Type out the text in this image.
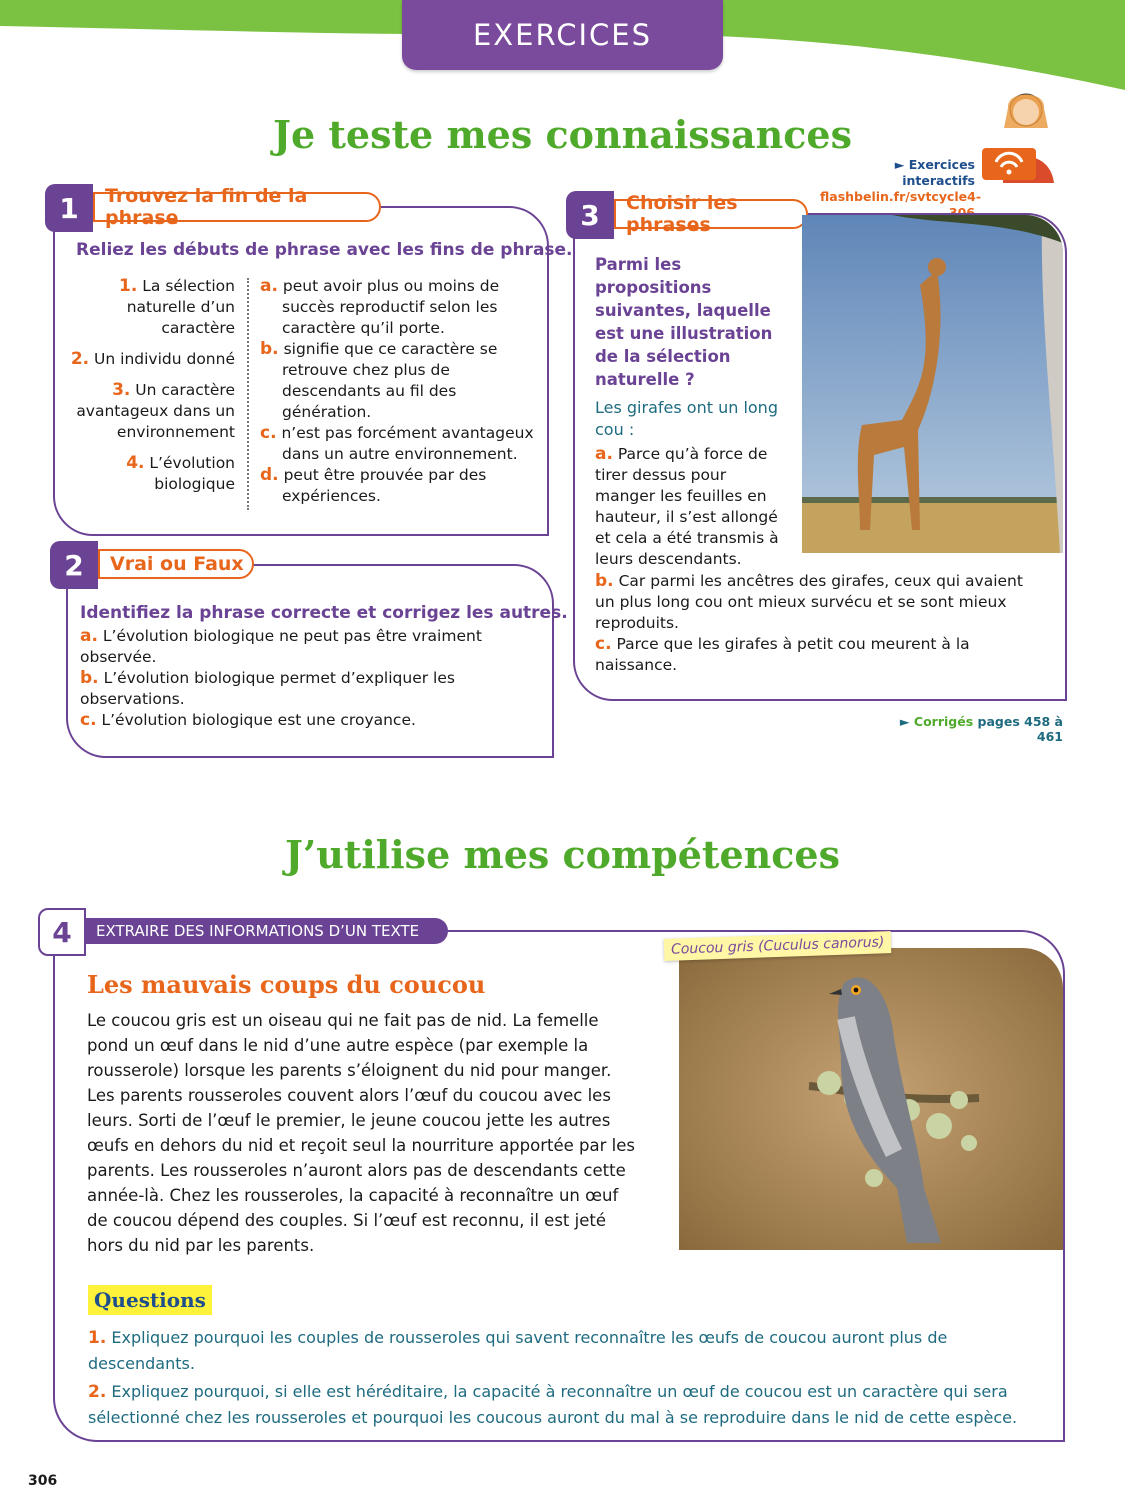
EXERCICES
Je teste mes connaissances
► Exercices interactifs
flashbelin.fr/svtcycle4-
1	Trouvez la fin de la phrase
Reliez les débuts de phrase avec les fins de phrase.
1. La sélection naturelle d’un caractère
2. Un individu donné
3. Un caractère avantageux dans un environnement
4. L’évolution biologique
a. peut avoir plus ou moins de succès reproductif selon les caractère qu’il porte.
b. signifie que ce caractère se retrouve chez plus de descendants au fil des génération.
c. n’est pas forcément avantageux dans un autre environnement.
d. peut être prouvée par des expériences.
2	Vrai ou Faux
Identifiez la phrase correcte et corrigez les autres.
a. L’évolution biologique ne peut pas être vraiment observée.
b. L’évolution biologique permet d’expliquer les observations.
c. L’évolution biologique est une croyance.
3	Choisir les phrases
Parmi les propositions suivantes, laquelle est une illustration de la sélection naturelle ?
Les girafes ont un long cou :
a. Parce qu’à force de tirer dessus pour manger les feuilles en hauteur, il s’est allongé et cela a été transmis à leurs descendants.
b. Car parmi les ancêtres des girafes, ceux qui avaient un plus long cou ont mieux survécu et se sont mieux reproduits.
c. Parce que les girafes à petit cou meurent à la naissance.
► Corrigés pages 458 à 461
J’utilise mes compétences
4	EXTRAIRE DES INFORMATIONS D’UN TEXTE
Les mauvais coups du coucou
Le coucou gris est un oiseau qui ne fait pas de nid. La femelle pond un œuf dans le nid d’une autre espèce (par exemple la rousserole) lorsque les parents s’éloignent du nid pour manger. Les parents rousseroles couvent alors l’œuf du coucou avec les leurs. Sorti de l’œuf le premier, le jeune coucou jette les autres œufs en dehors du nid et reçoit seul la nourriture apportée par les parents. Les rousseroles n’auront alors pas de descendants cette année-là. Chez les rousseroles, la capacité à reconnaître un œuf de coucou dépend des couples. Si l’œuf est reconnu, il est jeté hors du nid par les parents.
Coucou gris (Cuculus canorus)
Questions
1. Expliquez pourquoi les couples de rousseroles qui savent reconnaître les œufs de coucou auront plus de descendants.
2. Expliquez pourquoi, si elle est héréditaire, la capacité à reconnaître un œuf de coucou est un caractère qui sera sélectionné chez les rousseroles et pourquoi les coucous auront du mal à se reproduire dans le nid de cette espèce.
306
